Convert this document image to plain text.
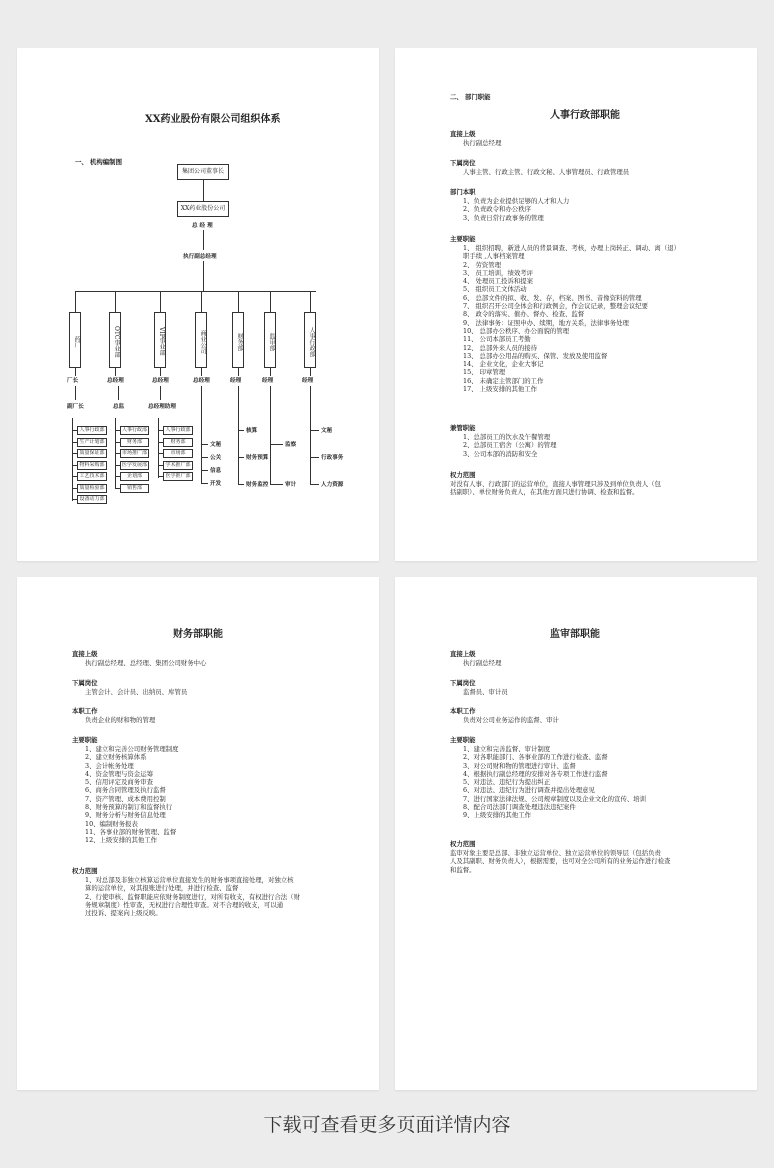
XX药业股份有限公司组织体系
一、 机构编制图
集团公司董事长
XX药业股份公司
总 经 理
执行副总经理
副厂长	总监	总经理助理
药厂
厂长
OTC事业部
总经理
VIP事业部
总经理
商业公司
总经理
财务部
经理
监审部
经理
人事行政部
经理
人事行政部
生产计划部
质量保证部
物料采购部
工艺技术部
质量检验部
设备动力部
人事行政部
财务部
市场推广部
医学发展部
企划部
销售部
人事行政部
财务部
市场部
学术推广部
医学推广部
文秘
公关
信息
开发
核算
财务预算
财务监控
监察
审计
文秘
行政事务
人力资源
二、 部门职能
人事行政部职能
直接上级
执行副总经理
下属岗位
人事主管、行政主管、行政文秘、人事管理员、行政管理员
部门本职
1、负责为企业提供足够的人才和人力
2、负责政令和办公秩序
3、负责日常行政事务的管理
主要职能
1、 组织招聘，新进人员的背景调查、考核，办理上岗转正、调动、离（退）
职手续 ,人事档案管理
2、 劳资管理
3、 员工培训，绩效考评
4、 处理员工投诉和提案
5、 组织员工文体活动
6、 总部文件的拟、收、发、存，档案、图书、音像资料的管理
7、 组织召开公司全体会和行政例会，作会议记录，整理会议纪要
8、 政令的落实、催办、督办、检查、监督
9、 法律事务：证照申办、续期，地方关系，法律事务处理
10、 总部办公秩序、办公面貌的管理
11、 公司本部员工考勤
12、 总部外来人员的接待
13、 总部办公用品的购买、保管、发放及使用监督
14、 企业文化，企业大事记
15、 印章管理
16、 未确定主管部门的工作
17、 上级安排的其他工作
兼管职能
1、总部员工的饮水及午餐管理
2、总部员工宿舍（公寓）的管理
3、公司本部的消防和安全
权力范围
对没有人事、行政部门的运营单位，直接人事管理只涉及到单位负责人（包
括副职）、单位财务负责人，在其他方面只进行协调、检查和监督。
财务部职能
直接上级
执行副总经理、总经理、集团公司财务中心
下属岗位
主管会计、会计员、出纳员、库管员
本职工作
负责企业的财和物的管理
主要职能
1、建立和完善公司财务管理制度
2、建立财务核算体系
3、会计帐务处理
4、资金管理与资金运筹
5、信用评定及商务审查
6、商务合同管理及执行监督
7、资产管理、成本费用控制
8、财务预算的制订和监督执行
9、财务分析与财务信息处理
10、编制财务报表
11、各事业部的财务管理、监督
12、上级安排的其他工作
权力范围
1、对总部及非独立核算运营单位直接发生的财务事项直接处理，对独立核
算的运营单位，对其报账进行处理，并进行检查、监督
2、行使审核、监督职能应依财务制度进行，对所有收支，有权进行合法（财
务规章制度）性审查，无权进行合理性审查。对不合理的收支，可以通
过投诉、提案向上级反映。
监审部职能
直接上级
执行副总经理
下属岗位
监督员、审计员
本职工作
负责对公司业务运作的监督、审计
主要职能
1、建立和完善监督、审计制度
2、对各职能部门、各事业部的工作进行检查、监督
3、对公司财和物的管理进行审计、监督
4、根据执行副总经理的安排对各专项工作进行监督
5、对违法、违纪行为提出纠正
6、对违法、违纪行为进行调查并提出处理意见
7、进行国家法律法规、公司规章制度以及企业文化的宣传、培训
8、配合司法部门调查处理违法违纪案件
9、上级安排的其他工作
权力范围
监审对象主要是总部、非独立运营单位、独立运营单位的领导层（包括负责
人及其副职、财务负责人），根据需要，也可对全公司所有的业务运作进行检查
和监督。
下载可查看更多页面详情内容
